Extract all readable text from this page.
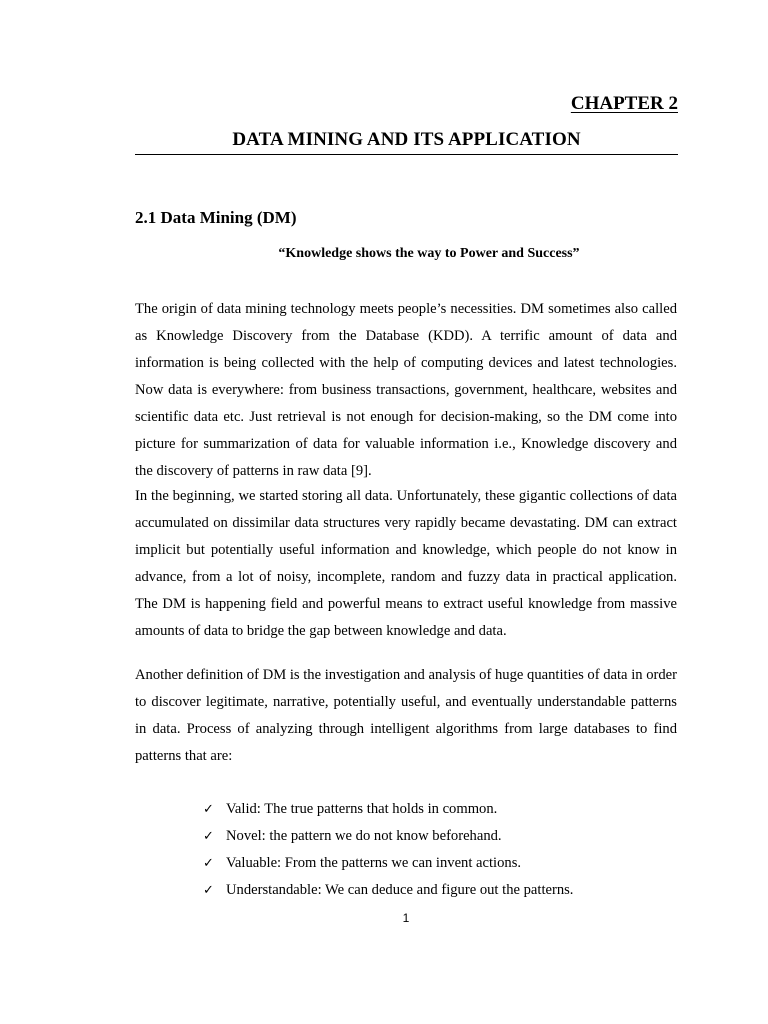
CHAPTER 2
DATA MINING AND ITS APPLICATION
2.1 Data Mining (DM)
“Knowledge shows the way to Power and Success”

The origin of data mining technology meets people’s necessities. DM sometimes also called as Knowledge Discovery from the Database (KDD). A terrific amount of data and information is being collected with the help of computing devices and latest technologies. Now data is everywhere: from business transactions, government, healthcare, websites and scientific data etc. Just retrieval is not enough for decision-making, so the DM come into picture for summarization of data for valuable information i.e., Knowledge discovery and the discovery of patterns in raw data [9].

In the beginning, we started storing all data. Unfortunately, these gigantic collections of data accumulated on dissimilar data structures very rapidly became devastating. DM can extract implicit but potentially useful information and knowledge, which people do not know in advance, from a lot of noisy, incomplete, random and fuzzy data in practical application. The DM is happening field and powerful means to extract useful knowledge from massive amounts of data to bridge the gap between knowledge and data.

Another definition of DM is the investigation and analysis of huge quantities of data in order to discover legitimate, narrative, potentially useful, and eventually understandable patterns in data. Process of analyzing through intelligent algorithms from large databases to find patterns that are:

✓ Valid: The true patterns that holds in common.
✓ Novel: the pattern we do not know beforehand.
✓ Valuable: From the patterns we can invent actions.
✓ Understandable: We can deduce and figure out the patterns.
1
